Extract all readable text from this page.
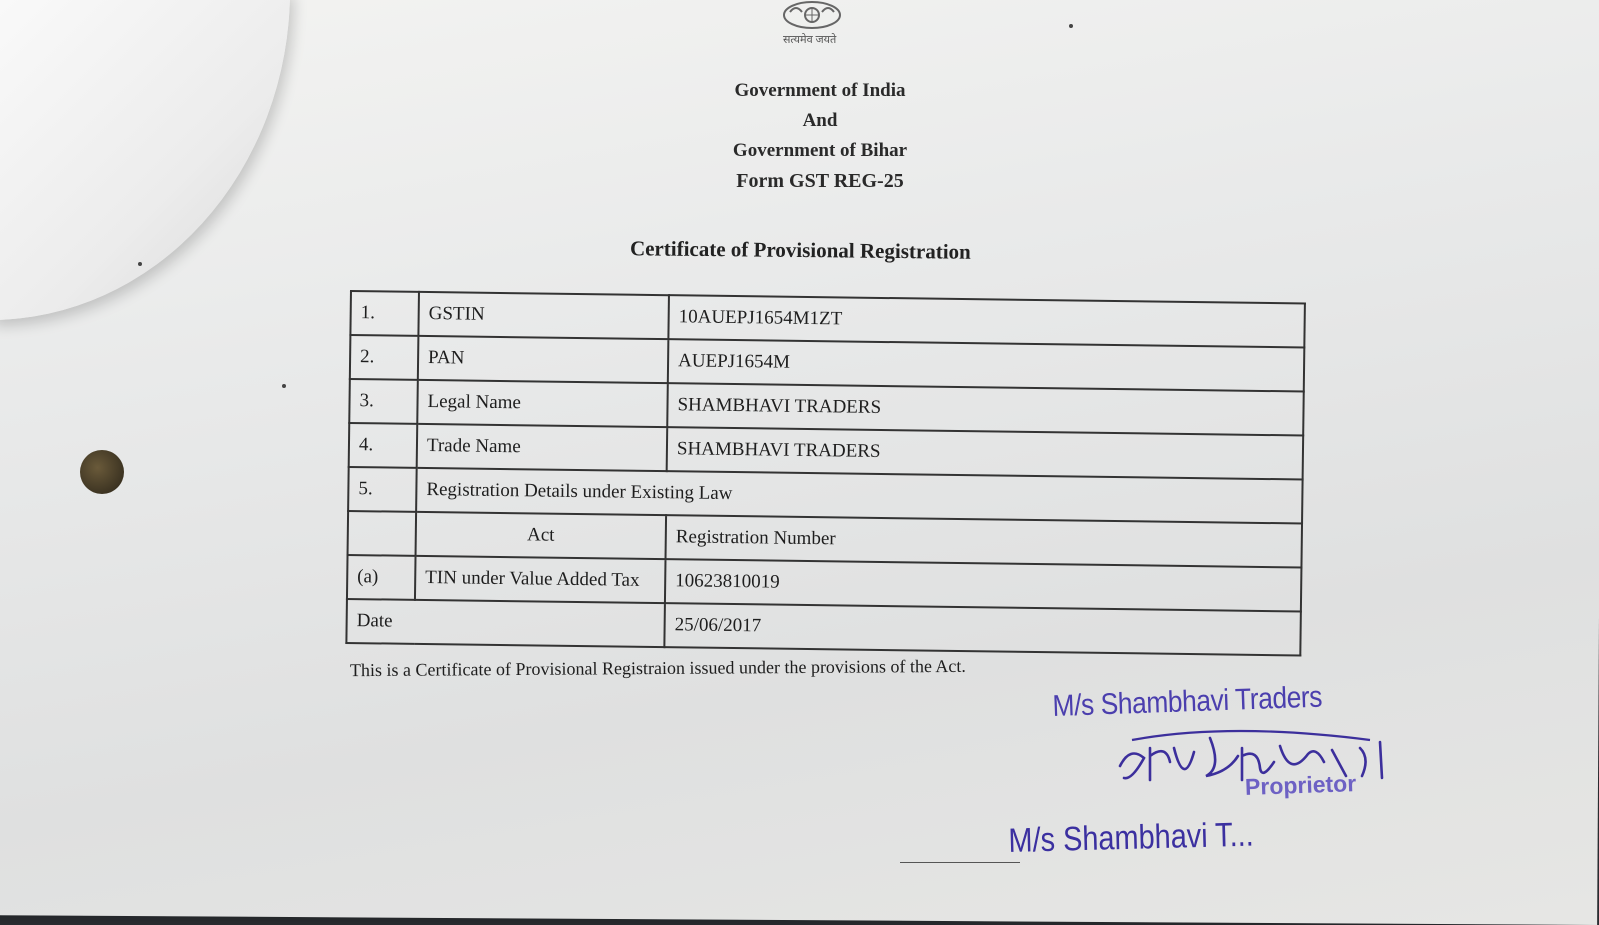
सत्यमेव जयते
Government of India
And
Government of Bihar
Form GST REG-25
Certificate of Provisional Registration
1.	GSTIN	10AUEPJ1654M1ZT
2.	PAN	AUEPJ1654M
3.	Legal Name	SHAMBHAVI TRADERS
4.	Trade Name	SHAMBHAVI TRADERS
5.	Registration Details under Existing Law	
	Act	Registration Number
(a)	TIN under Value Added Tax	10623810019
Date		25/06/2017
This is a Certificate of Provisional Registraion issued under the provisions of the Act.
M/s Shambhavi Traders
Proprietor
M/s Shambhavi T...
